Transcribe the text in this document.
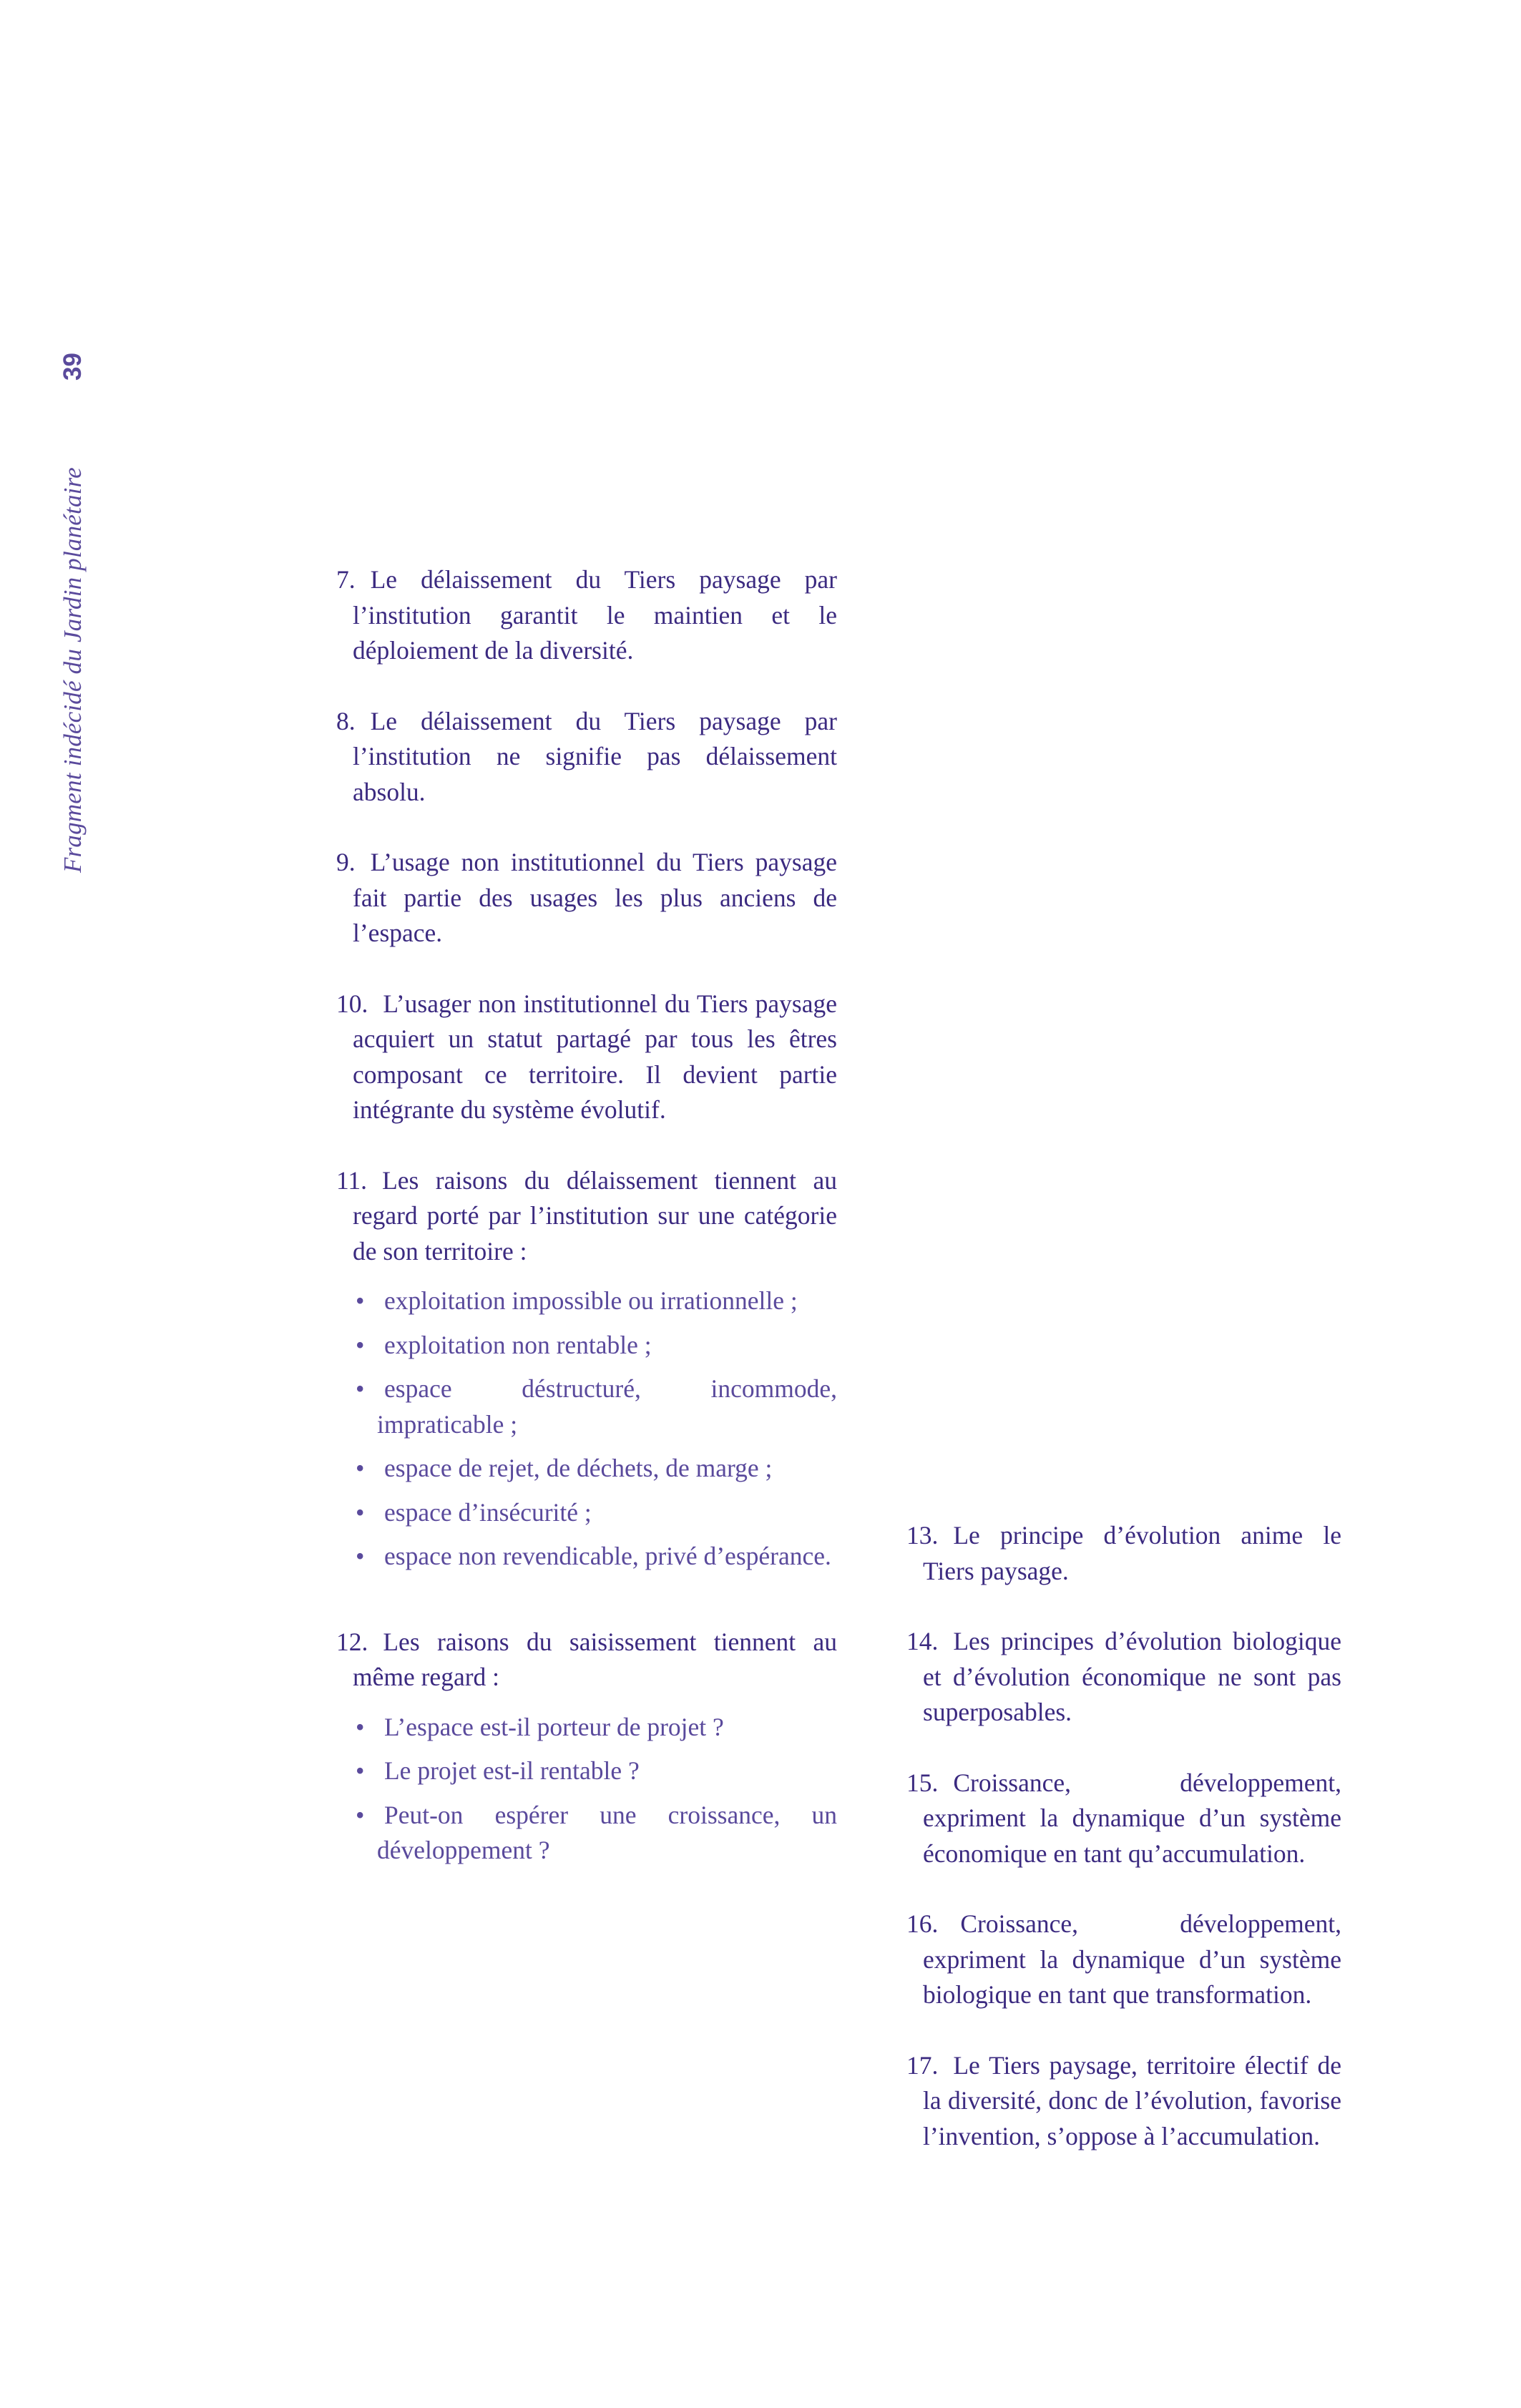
Fragment indécidé du Jardin planétaire
39

7. Le délaissement du Tiers paysage par l’institution garantit le maintien et le déploiement de la diversité.

8. Le délaissement du Tiers paysage par l’institution ne signifie pas délaissement absolu.

9. L’usage non institutionnel du Tiers paysage fait partie des usages les plus anciens de l’espace.

10. L’usager non institutionnel du Tiers paysage acquiert un statut partagé par tous les êtres composant ce territoire. Il devient partie intégrante du système évolutif.

11. Les raisons du délaissement tiennent au regard porté par l’institution sur une catégorie de son territoire :

• exploitation impossible ou irrationnelle ;
• exploitation non rentable ;
• espace déstructuré, incommode, impraticable ;
• espace de rejet, de déchets, de marge ;
• espace d’insécurité ;
• espace non revendicable, privé d’espérance.

12. Les raisons du saisissement tiennent au même regard :

• L’espace est-il porteur de projet ?
• Le projet est-il rentable ?
• Peut-on espérer une croissance, un développement ?

13. Le principe d’évolution anime le Tiers paysage.

14. Les principes d’évolution biologique et d’évolution économique ne sont pas superposables.

15. Croissance, développement, expriment la dynamique d’un système économique en tant qu’accumulation.

16. Croissance, développement, expriment la dynamique d’un système biologique en tant que transformation.

17. Le Tiers paysage, territoire électif de la diversité, donc de l’évolution, favorise l’invention, s’oppose à l’accumulation.
